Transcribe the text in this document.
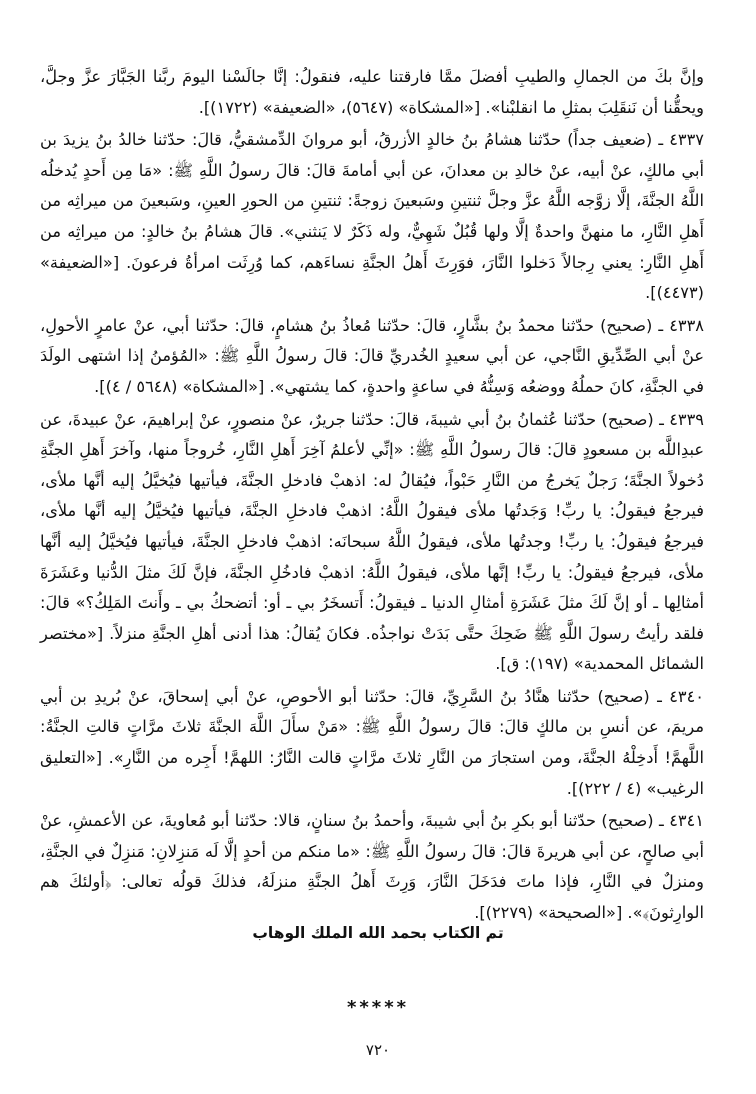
وإنَّ بكَ من الجمالِ والطيبِ أفضلَ ممَّا فارقتنا عليه، فنقولُ: إنَّا جالَسْنا اليومَ ربَّنا الجَبَّارَ عزَّ وجلَّ، ويحقُّنا أن نَنقَلِبَ بمثلِ ما انقلبْنا». [«المشكاة» (٥٦٤٧)، «الضعيفة» (١٧٢٢)].

٤٣٣٧ ـ (ضعيف جداً) حدّثنا هشامُ بنُ خالدٍ الأزرقُ، أبو مروانَ الدِّمشقيُّ، قالَ: حدّثنا خالدُ بنُ يزيدَ بن أبي مالكٍ، عنْ أبيه، عنْ خالدِ بن معدانَ، عن أبي أمامةَ قالَ: قالَ رسولُ اللَّهِ ﷺ: «مَا مِن أَحدٍ يُدخلُه اللَّهُ الجنَّةَ، إلَّا زوَّجه اللَّهُ عزَّ وجلَّ ثنتينِ وسَبعينَ زوجةً: ثنتينِ من الحورِ العينِ، وسَبعينَ من ميراثِه من أَهلِ النَّارِ، ما منهنَّ واحدةٌ إلَّا ولها قُبُلٌ شَهِيٌّ، وله ذَكَرٌ لا يَنثني». قالَ هشامُ بنُ خالدٍ: من ميراثِه من أَهلِ النَّارِ: يعني رِجالاً دَخلوا النَّارَ، فوَرِثَ أَهلُ الجنَّةِ نساءَهم، كما وُرِثَت امرأةُ فرعونَ. [«الضعيفة» (٤٤٧٣)].

٤٣٣٨ ـ (صحيح) حدّثنا محمدُ بنُ بشَّارٍ، قالَ: حدّثنا مُعاذُ بنُ هشامٍ، قالَ: حدّثنا أبي، عنْ عامرٍ الأحولِ، عنْ أبي الصِّدِّيقِ النَّاجي، عن أبي سعيدٍ الخُدريِّ قالَ: قالَ رسولُ اللَّهِ ﷺ: «المُؤمنُ إذا اشتهى الولَدَ في الجنَّةِ، كانَ حملُهُ ووضعُه وَسِنُّهُ في ساعةٍ واحدةٍ، كما يشتهي». [«المشكاة» (٥٦٤٨ / ٤)].

٤٣٣٩ ـ (صحيح) حدّثنا عُثمانُ بنُ أبي شيبةَ، قالَ: حدّثنا جريرٌ، عنْ منصورٍ، عنْ إبراهيمَ، عنْ عبيدةَ، عن عبدِاللَّه بن مسعودٍ قالَ: قالَ رسولُ اللَّهِ ﷺ: «إنِّي لأعلمُ آخِرَ أَهلِ النَّارِ، خُروجاً منها، وآخرَ أَهلِ الجنَّةِ دُخولاً الجنَّةَ؛ رَجلٌ يَخرجُ من النَّارِ حَبْواً، فيُقالُ له: اذهبْ فادخلِ الجنَّةَ، فيأتيها فيُخيَّلُ إليه أنَّها ملأى، فيرجعُ فيقولُ: يا ربِّ! وَجَدتُها ملأى فيقولُ اللَّهُ: اذهبْ فادخلِ الجنَّةَ، فيأتيها فيُخيَّلُ إليه أنَّها ملأى، فيرجعُ فيقولُ: يا ربِّ! وجدتُها ملأى، فيقولُ اللَّهُ سبحانَه: اذهبْ فادخلِ الجنَّةَ، فيأتيها فيُخيَّلُ إليه أنَّها ملأى، فيرجعُ فيقولُ: يا ربِّ! إنَّها ملأى، فيقولُ اللَّهُ: اذهبْ فادخُلِ الجنَّةَ، فإنَّ لَكَ مثلَ الدُّنيا وعَشَرَةَ أمثالِها ـ أو إنَّ لَكَ مثلَ عَشَرَةِ أمثالِ الدنيا ـ فيقولُ: أَتسخَرُ بي ـ أو: أتضحكُ بي ـ وأَنتَ المَلِكُ؟» قالَ: فلقد رأيتُ رسولَ اللَّهِ ﷺ ضَحِكَ حتَّى بَدَتْ نواجذُه. فكانَ يُقالُ: هذا أدنى أهلِ الجنَّةِ منزلاً. [«مختصر الشمائل المحمدية» (١٩٧): ق].

٤٣٤٠ ـ (صحيح) حدّثنا هنَّادُ بنُ السَّرِيِّ، قالَ: حدّثنا أبو الأحوصِ، عنْ أبي إسحاقَ، عنْ بُريدِ بن أبي مريمَ، عن أنسِ بن مالكٍ قالَ: قالَ رسولُ اللَّهِ ﷺ: «مَنْ سأَلَ اللَّهَ الجنَّةَ ثلاثَ مرَّاتٍ قالتِ الجنَّةُ: اللَّهمَّ! أَدخِلْهُ الجنَّةَ، ومن استجارَ من النَّارِ ثلاثَ مرَّاتٍ قالت النَّارُ: اللهمَّ! أَجِره من النَّارِ». [«التعليق الرغيب» (٤ / ٢٢٢)].

٤٣٤١ ـ (صحيح) حدّثنا أبو بكرِ بنُ أبي شيبةَ، وأحمدُ بنُ سنانٍ، قالا: حدّثنا أبو مُعاويةَ، عن الأعمشِ، عنْ أبي صالحٍ، عن أبي هريرةَ قالَ: قالَ رسولُ اللَّهِ ﷺ: «ما منكم من أحدٍ إلَّا لَه مَنزِلانِ: مَنزِلٌ في الجنَّةِ، ومنزلٌ في النَّارِ، فإذا ماتَ فدَخَلَ النَّارَ، وَرِثَ أَهلُ الجنَّةِ منزلَهُ، فذلكَ قولُه تعالى: ﴿أولئكَ هم الوارِثونَ﴾». [«الصحيحة» (٢٢٧٩)].

تم الكتاب بحمد الله الملك الوهاب
*****
٧٢٠
